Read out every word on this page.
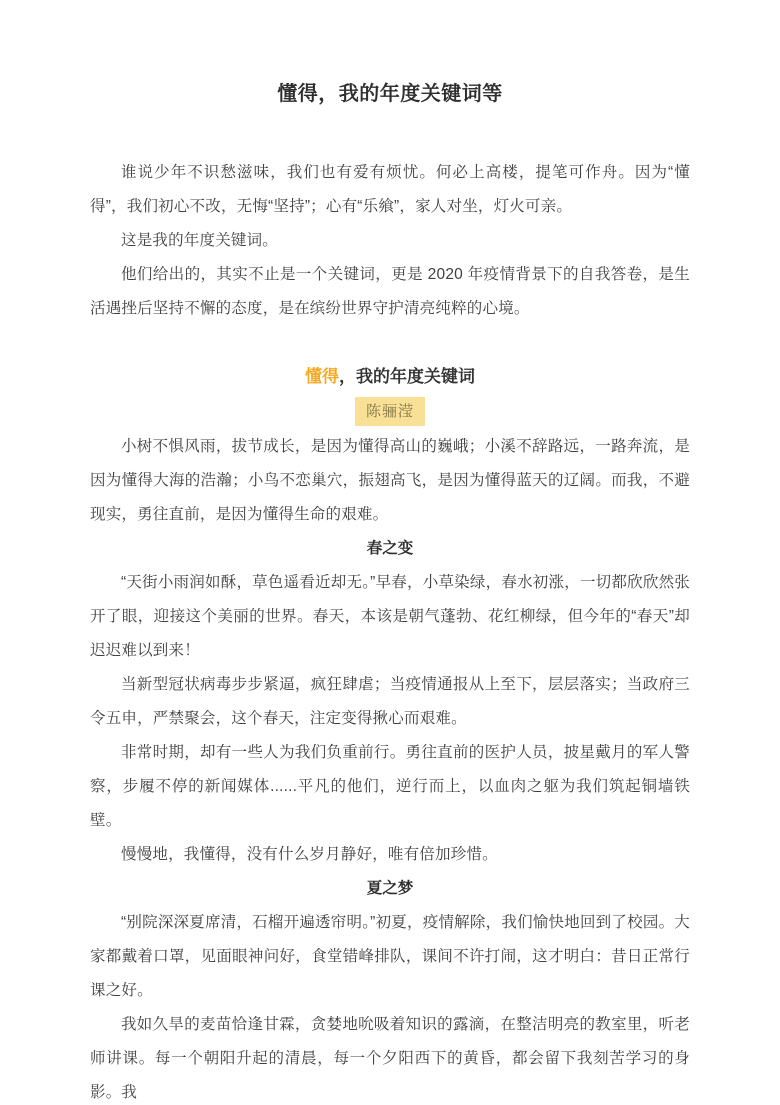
懂得，我的年度关键词等

谁说少年不识愁滋味，我们也有爱有烦忧。何必上高楼，提笔可作舟。因为“懂得”，我们初心不改，无悔“坚持”；心有“乐飨”，家人对坐，灯火可亲。

这是我的年度关键词。

他们给出的，其实不止是一个关键词，更是 2020 年疫情背景下的自我答卷，是生活遇挫后坚持不懈的态度，是在缤纷世界守护清亮纯粹的心境。

懂得，我的年度关键词
陈骊滢

小树不惧风雨，拔节成长，是因为懂得高山的巍峨；小溪不辞路远，一路奔流，是因为懂得大海的浩瀚；小鸟不恋巢穴，振翅高飞，是因为懂得蓝天的辽阔。而我，不避现实，勇往直前，是因为懂得生命的艰难。

春之变

“天街小雨润如酥，草色遥看近却无。”早春，小草染绿，春水初涨，一切都欣欣然张开了眼，迎接这个美丽的世界。春天，本该是朝气蓬勃、花红柳绿，但今年的“春天”却迟迟难以到来！

当新型冠状病毒步步紧逼，疯狂肆虐；当疫情通报从上至下，层层落实；当政府三令五申，严禁聚会，这个春天，注定变得揪心而艰难。

非常时期，却有一些人为我们负重前行。勇往直前的医护人员，披星戴月的军人警察，步履不停的新闻媒体......平凡的他们，逆行而上，以血肉之躯为我们筑起铜墙铁壁。

慢慢地，我懂得，没有什么岁月静好，唯有倍加珍惜。

夏之梦

“别院深深夏席清，石榴开遍透帘明。”初夏，疫情解除，我们愉快地回到了校园。大家都戴着口罩，见面眼神问好，食堂错峰排队，课间不许打闹，这才明白：昔日正常行课之好。

我如久旱的麦苗恰逢甘霖，贪婪地吮吸着知识的露滴，在整洁明亮的教室里，听老师讲课。每一个朝阳升起的清晨，每一个夕阳西下的黄昏，都会留下我刻苦学习的身影。我
